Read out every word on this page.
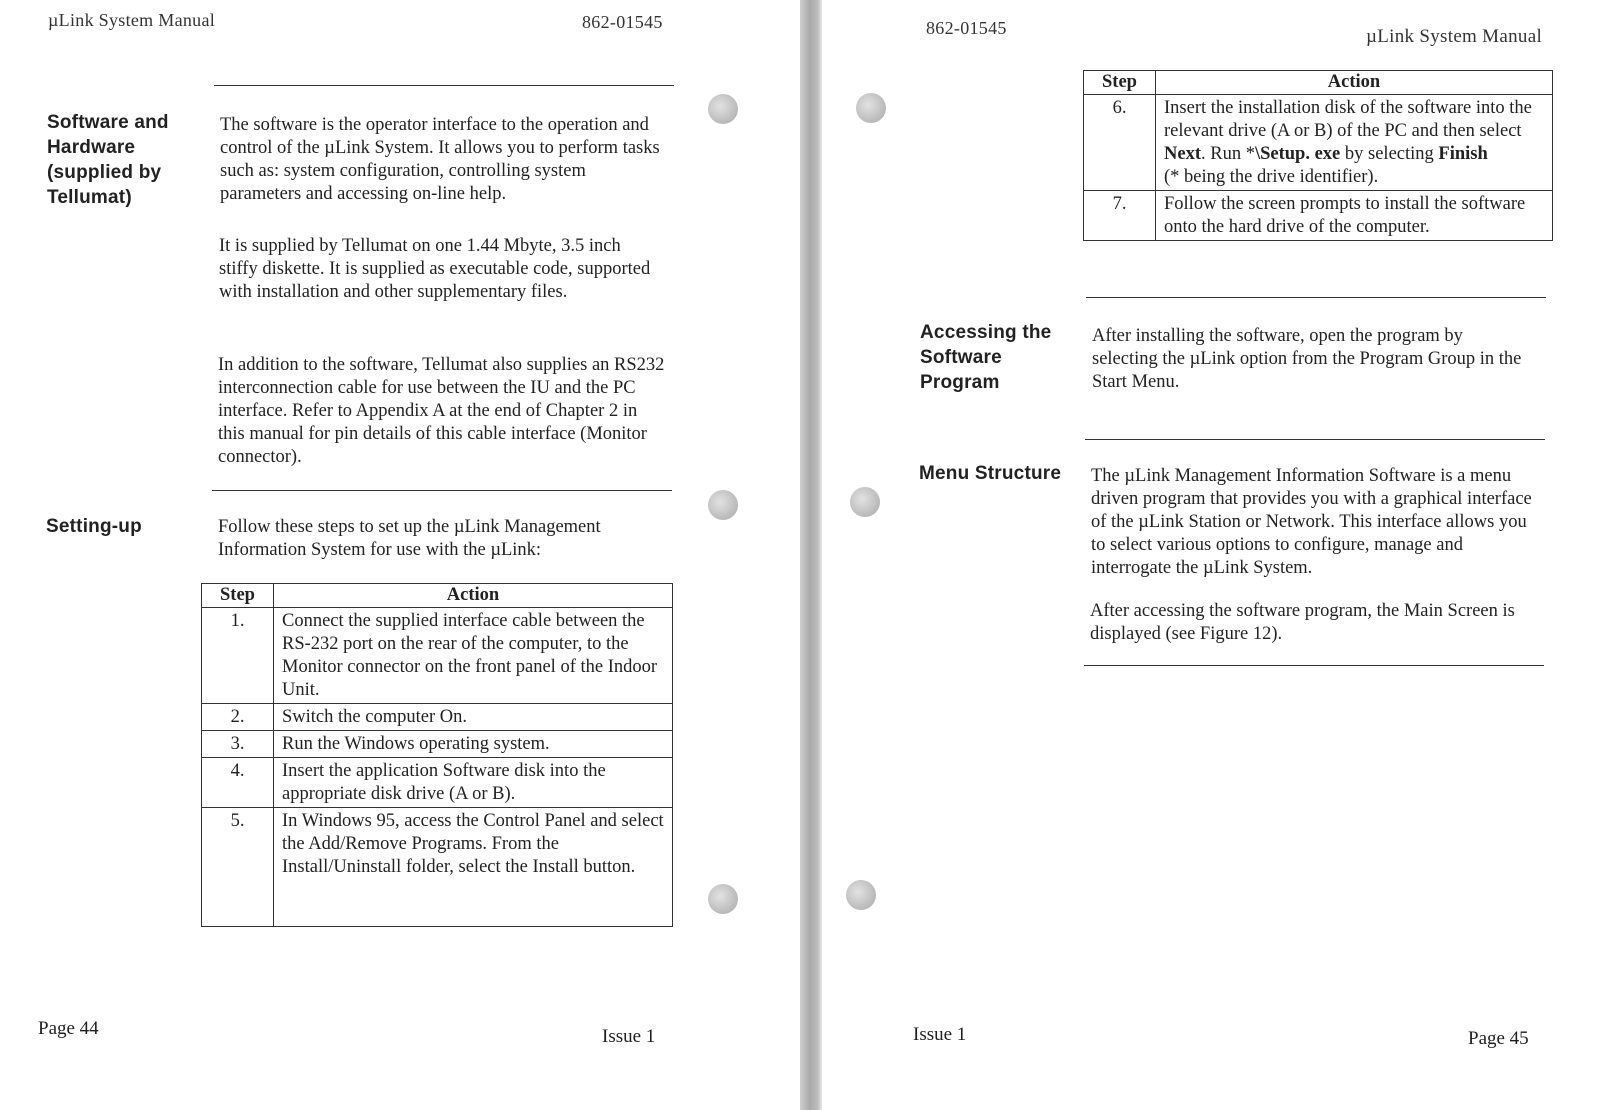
µLink System Manual	862-01545
Software and Hardware (supplied by Tellumat)
The software is the operator interface to the operation and control of the µLink System. It allows you to perform tasks such as: system configuration, controlling system parameters and accessing on-line help.
It is supplied by Tellumat on one 1.44 Mbyte, 3.5 inch stiffy diskette. It is supplied as executable code, supported with installation and other supplementary files.
In addition to the software, Tellumat also supplies an RS232 interconnection cable for use between the IU and the PC interface. Refer to Appendix A at the end of Chapter 2 in this manual for pin details of this cable interface (Monitor connector).
Setting-up	Follow these steps to set up the µLink Management Information System for use with the µLink:
Step	Action
1.	Connect the supplied interface cable between the RS-232 port on the rear of the computer, to the Monitor connector on the front panel of the Indoor Unit.
2.	Switch the computer On.
3.	Run the Windows operating system.
4.	Insert the application Software disk into the appropriate disk drive (A or B).
5.	In Windows 95, access the Control Panel and select the Add/Remove Programs. From the Install/Uninstall folder, select the Install button.
Page 44	Issue 1
862-01545	µLink System Manual
Step	Action
6.	Insert the installation disk of the software into the relevant drive (A or B) of the PC and then select Next. Run *\Setup. exe by selecting Finish
(* being the drive identifier).
7.	Follow the screen prompts to install the software onto the hard drive of the computer.
Accessing the Software Program
After installing the software, open the program by selecting the µLink option from the Program Group in the Start Menu.
Menu Structure	The µLink Management Information Software is a menu driven program that provides you with a graphical interface of the µLink Station or Network. This interface allows you to select various options to configure, manage and interrogate the µLink System.
After accessing the software program, the Main Screen is displayed (see Figure 12).
Issue 1	Page 45
